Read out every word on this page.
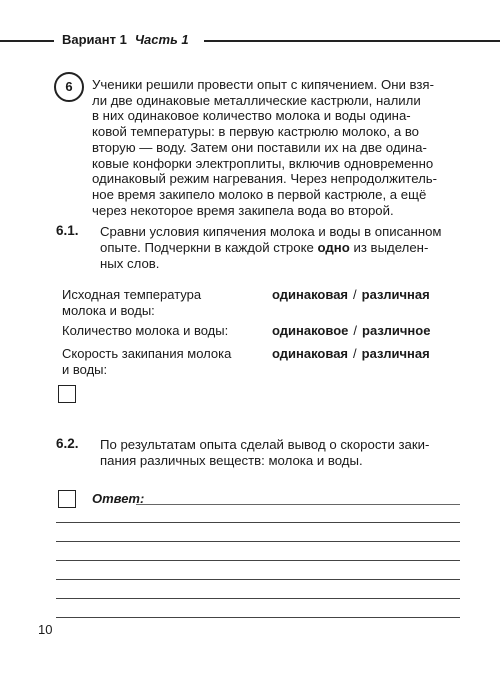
Вариант 1 Часть 1
6	Ученики решили провести опыт с кипячением. Они взя-
ли две одинаковые металлические кастрюли, налили
в них одинаковое количество молока и воды одина-
ковой температуры: в первую кастрюлю молоко, а во
вторую — воду. Затем они поставили их на две одина-
ковые конфорки электроплиты, включив одновременно
одинаковый режим нагревания. Через непродолжитель-
ное время закипело молоко в первой кастрюле, а ещё
через некоторое время закипела вода во второй.

6.1. Сравни условия кипячения молока и воды в описанном
опыте. Подчеркни в каждой строке одно из выделен-
ных слов.

Исходная температура
молока и воды:

одинаковая / различная

Количество молока и воды:	одинаковое / различное

Скорость закипания молока
и воды:

одинаковая / различная
6.2. По результатам опыта сделай вывод о скорости заки-
пания различных веществ: молока и воды.

Ответ:
10
